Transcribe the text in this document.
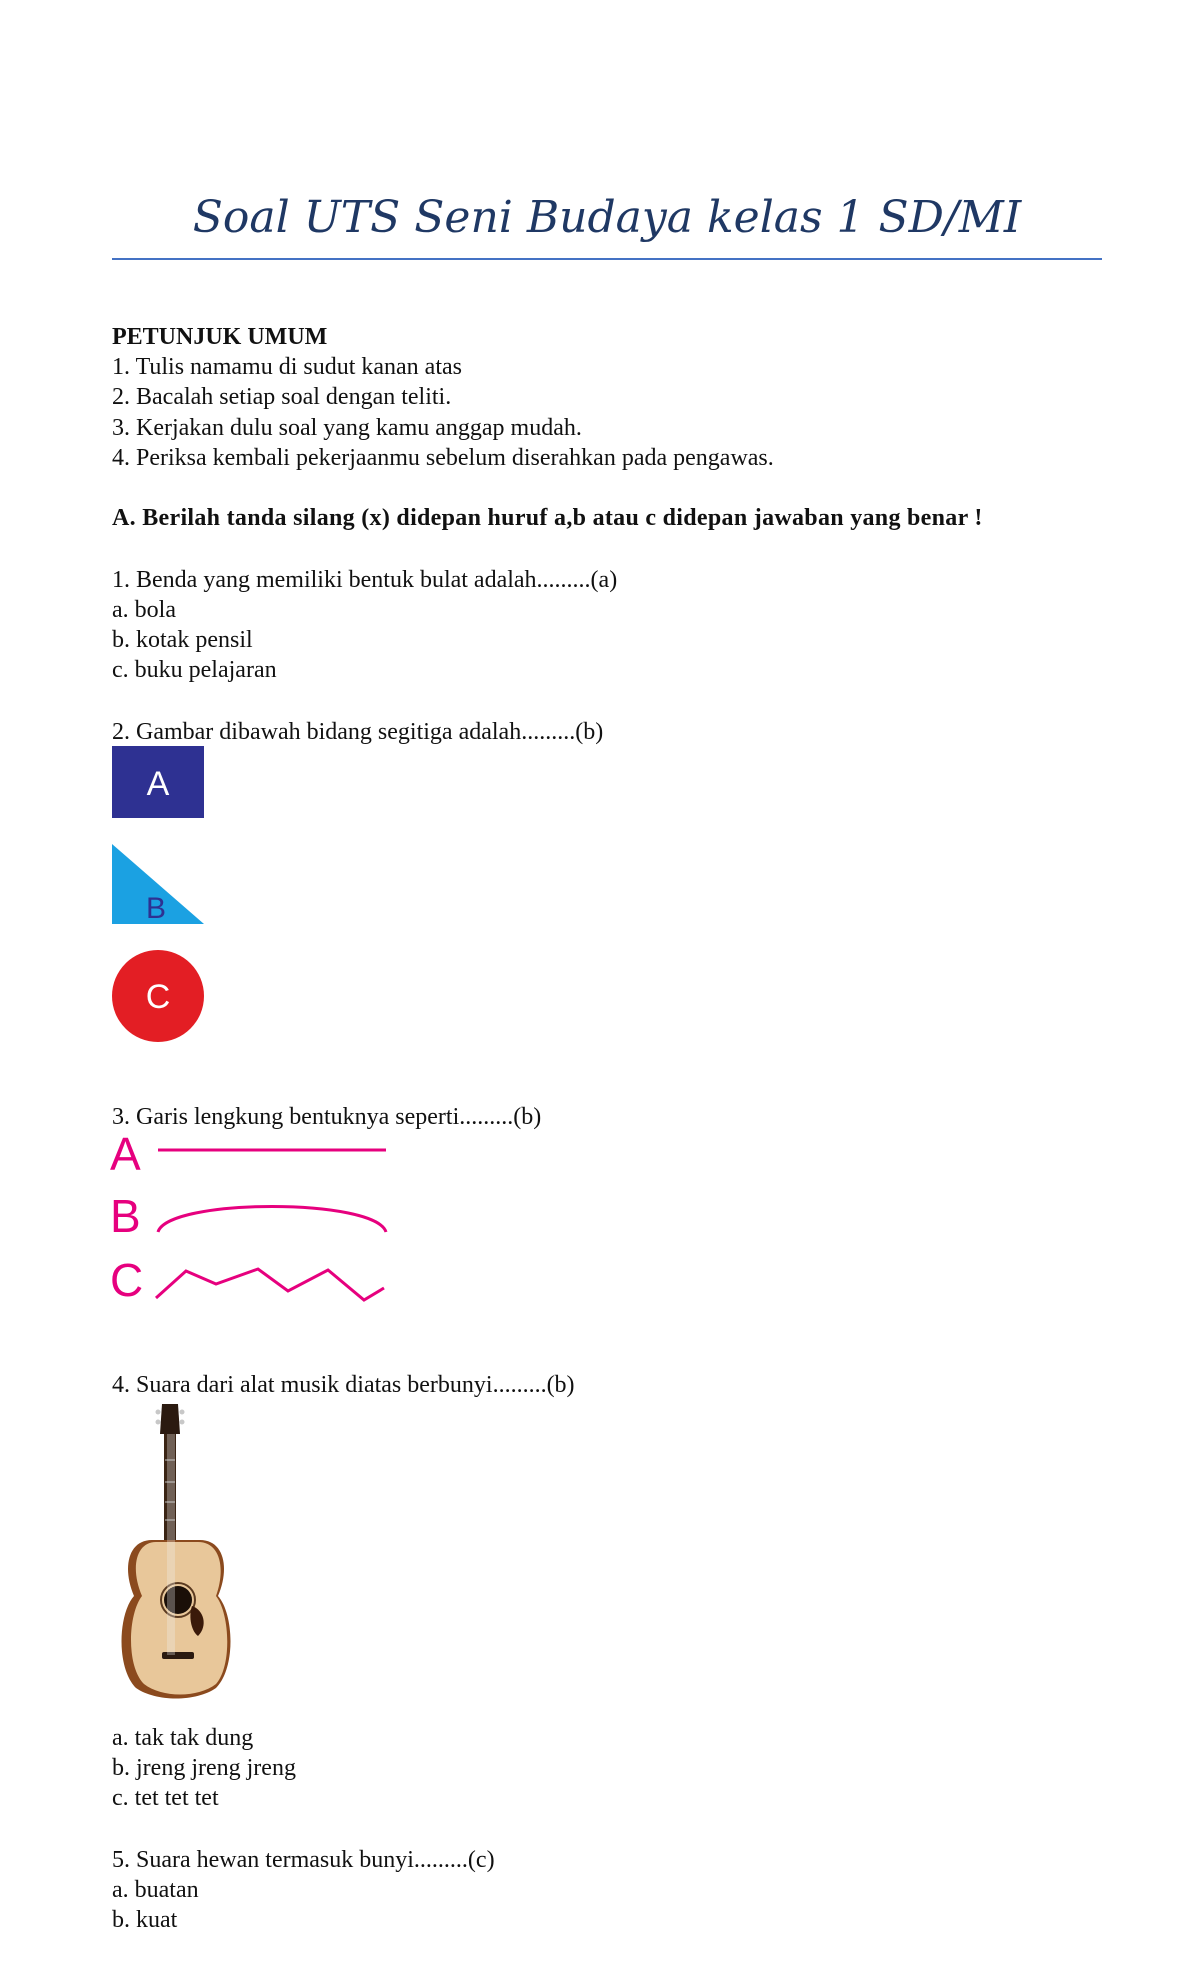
Soal UTS Seni Budaya kelas 1 SD/MI
PETUNJUK UMUM
1. Tulis namamu di sudut kanan atas
2. Bacalah setiap soal dengan teliti.
3. Kerjakan dulu soal yang kamu anggap mudah.
4. Periksa kembali pekerjaanmu sebelum diserahkan pada pengawas.
A. Berilah tanda silang (x) didepan huruf a,b atau c didepan jawaban yang benar !
1. Benda yang memiliki bentuk bulat adalah.........(a)
a. bola
b. kotak pensil
c. buku pelajaran
2. Gambar dibawah bidang segitiga adalah.........(b)
A
B
C
3. Garis lengkung bentuknya seperti.........(b)
A
B
C
4. Suara dari alat musik diatas berbunyi.........(b)
a. tak tak dung
b. jreng jreng jreng
c. tet tet tet
5. Suara hewan termasuk bunyi.........(c)
a. buatan
b. kuat
